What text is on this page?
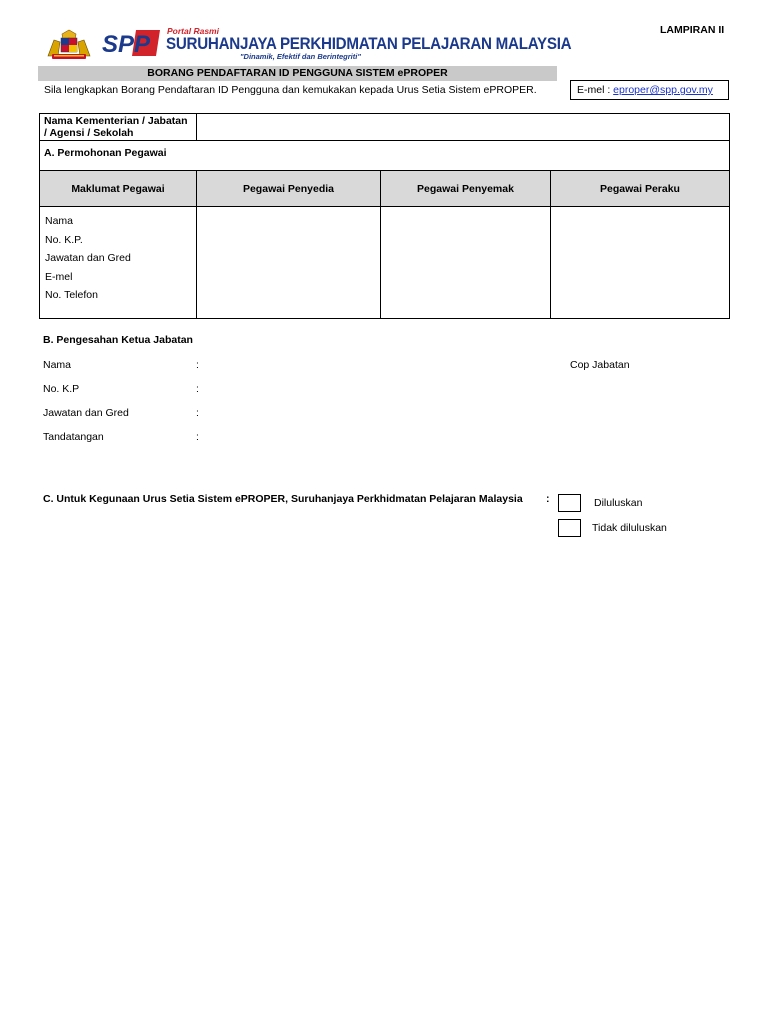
LAMPIRAN II
SPP Portal Rasmi
SURUHANJAYA PERKHIDMATAN PELAJARAN MALAYSIA
"Dinamik, Efektif dan Berintegriti"
BORANG PENDAFTARAN ID PENGGUNA SISTEM ePROPER
Sila lengkapkan Borang Pendaftaran ID Pengguna dan kemukakan kepada Urus Setia Sistem ePROPER.	E-mel : eproper@spp.gov.my
Nama Kementerian / Jabatan / Agensi / Sekolah			
A. Permohonan Pegawai			
Maklumat Pegawai	Pegawai Penyedia	Pegawai Penyemak	Pegawai Peraku

Nama
No. K.P.
Jawatan dan Gred
E-mel
No. Telefon			

B. Pengesahan Ketua Jabatan
Nama	:
No. K.P	:
Jawatan dan Gred	:
Tandatangan	:
Cop Jabatan
C. Untuk Kegunaan Urus Setia Sistem ePROPER, Suruhanjaya Perkhidmatan Pelajaran Malaysia :	Diluluskan
Tidak diluluskan
